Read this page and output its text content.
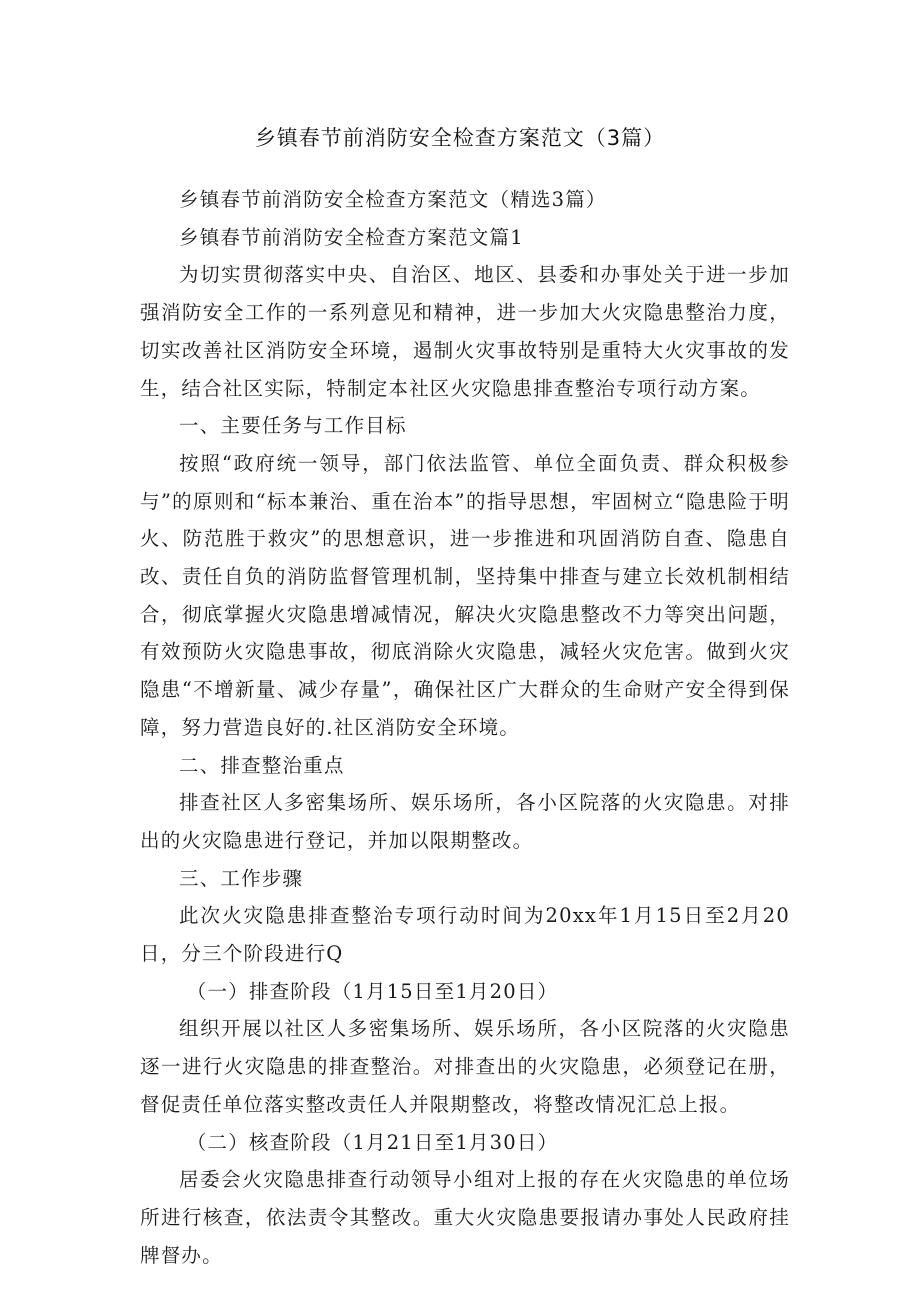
乡镇春节前消防安全检查方案范文（3篇）

乡镇春节前消防安全检查方案范文（精选3篇）

乡镇春节前消防安全检查方案范文篇1

为切实贯彻落实中央、自治区、地区、县委和办事处关于进一步加强消防安全工作的一系列意见和精神，进一步加大火灾隐患整治力度，切实改善社区消防安全环境，遏制火灾事故特别是重特大火灾事故的发生，结合社区实际，特制定本社区火灾隐患排查整治专项行动方案。

一、主要任务与工作目标

按照“政府统一领导，部门依法监管、单位全面负责、群众积极参与”的原则和“标本兼治、重在治本”的指导思想，牢固树立“隐患险于明火、防范胜于救灾”的思想意识，进一步推进和巩固消防自查、隐患自改、责任自负的消防监督管理机制，坚持集中排查与建立长效机制相结合，彻底掌握火灾隐患增减情况，解决火灾隐患整改不力等突出问题，有效预防火灾隐患事故，彻底消除火灾隐患，减轻火灾危害。做到火灾隐患“不增新量、减少存量”，确保社区广大群众的生命财产安全得到保障，努力营造良好的.社区消防安全环境。

二、排查整治重点

排查社区人多密集场所、娱乐场所，各小区院落的火灾隐患。对排出的火灾隐患进行登记，并加以限期整改。

三、工作步骤

此次火灾隐患排查整治专项行动时间为20xx年1月15日至2月20日，分三个阶段进行Q

（一）排查阶段（1月15日至1月20日）

组织开展以社区人多密集场所、娱乐场所，各小区院落的火灾隐患逐一进行火灾隐患的排查整治。对排查出的火灾隐患，必须登记在册，督促责任单位落实整改责任人并限期整改，将整改情况汇总上报。

（二）核查阶段（1月21日至1月30日）

居委会火灾隐患排查行动领导小组对上报的存在火灾隐患的单位场所进行核查，依法责令其整改。重大火灾隐患要报请办事处人民政府挂牌督办。
